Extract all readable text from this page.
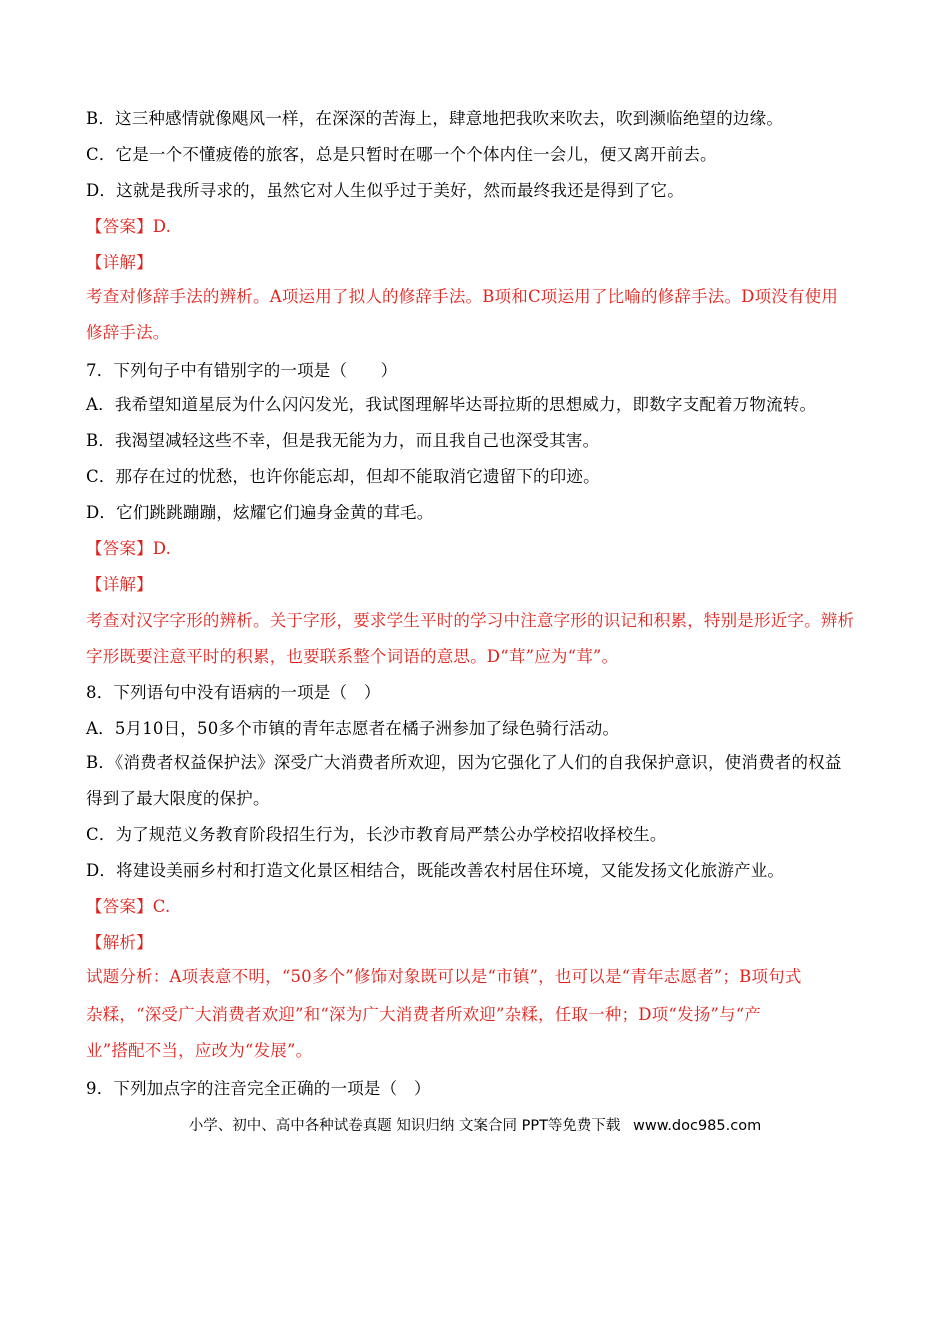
B．这三种感情就像飓风一样，在深深的苦海上，肆意地把我吹来吹去，吹到濒临绝望的边缘。
C．它是一个不懂疲倦的旅客，总是只暂时在哪一个个体内住一会儿，便又离开前去。
D．这就是我所寻求的，虽然它对人生似乎过于美好，然而最终我还是得到了它。
【答案】D.
【详解】
考查对修辞手法的辨析。A项运用了拟人的修辞手法。B项和C项运用了比喻的修辞手法。D项没有使用
修辞手法。
7．下列句子中有错别字的一项是（　　）
A．我希望知道星辰为什么闪闪发光，我试图理解毕达哥拉斯的思想威力，即数字支配着万物流转。
B．我渴望减轻这些不幸，但是我无能为力，而且我自己也深受其害。
C．那存在过的忧愁，也许你能忘却，但却不能取消它遗留下的印迹。
D．它们跳跳蹦蹦，炫耀它们遍身金黄的茸毛。
【答案】D.
【详解】
考查对汉字字形的辨析。关于字形，要求学生平时的学习中注意字形的识记和积累，特别是形近字。辨析
字形既要注意平时的积累，也要联系整个词语的意思。D“茸”应为“茸”。
8．下列语句中没有语病的一项是（　）
A．5月10日，50多个市镇的青年志愿者在橘子洲参加了绿色骑行活动。
B．《消费者权益保护法》深受广大消费者所欢迎，因为它强化了人们的自我保护意识，使消费者的权益
得到了最大限度的保护。
C．为了规范义务教育阶段招生行为，长沙市教育局严禁公办学校招收择校生。
D．将建设美丽乡村和打造文化景区相结合，既能改善农村居住环境，又能发扬文化旅游产业。
【答案】C.
【解析】
试题分析：A项表意不明，“50多个”修饰对象既可以是“市镇”，也可以是“青年志愿者”；B项句式
杂糅，“深受广大消费者欢迎”和“深为广大消费者所欢迎”杂糅，任取一种；D项“发扬”与“产
业”搭配不当，应改为“发展”。
9．下列加点字的注音完全正确的一项是（　）
小学、初中、高中各种试卷真题 知识归纳 文案合同 PPT等免费下载 www.doc985.com
